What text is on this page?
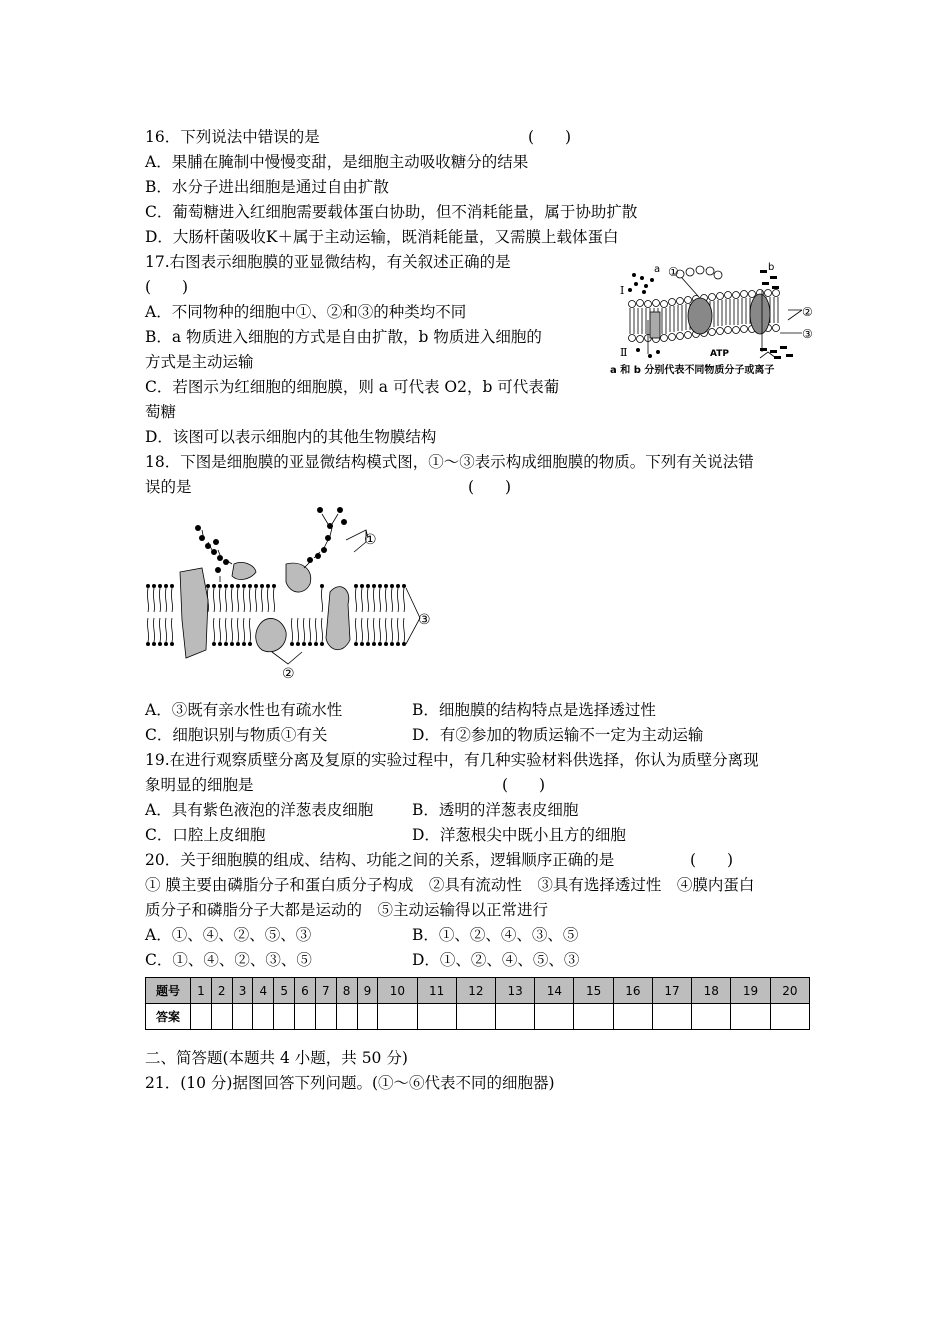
16．下列说法中错误的是	(　　)
A．果脯在腌制中慢慢变甜，是细胞主动吸收糖分的结果
B．水分子进出细胞是通过自由扩散
C．葡萄糖进入红细胞需要载体蛋白协助，但不消耗能量，属于协助扩散
D．大肠杆菌吸收K＋属于主动运输，既消耗能量，又需膜上载体蛋白
17.右图表示细胞膜的亚显微结构，有关叙述正确的是
(　　)
A．不同物种的细胞中①、②和③的种类均不同
B．a 物质进入细胞的方式是自由扩散，b 物质进入细胞的
方式是主动运输
C．若图示为红细胞的细胞膜，则 a 可代表 O2，b 可代表葡
萄糖
D．该图可以表示细胞内的其他生物膜结构
a	b
I
Ⅱ
①
②
③
ATP
a 和 b 分别代表不同物质分子或离子
18．下图是细胞膜的亚显微结构模式图，①～③表示构成细胞膜的物质。下列有关说法错
误的是	(　　)
①
③
②
A．③既有亲水性也有疏水性	B．细胞膜的结构特点是选择透过性
C．细胞识别与物质①有关	D．有②参加的物质运输不一定为主动运输
19.在进行观察质壁分离及复原的实验过程中，有几种实验材料供选择，你认为质壁分离现
象明显的细胞是	(　　)
A．具有紫色液泡的洋葱表皮细胞	B．透明的洋葱表皮细胞
C．口腔上皮细胞	D．洋葱根尖中既小且方的细胞
20．关于细胞膜的组成、结构、功能之间的关系，逻辑顺序正确的是	(　　)
① 膜主要由磷脂分子和蛋白质分子构成　②具有流动性　③具有选择透过性　④膜内蛋白
质分子和磷脂分子大都是运动的　⑤主动运输得以正常进行
A．①、④、②、⑤、③	B．①、②、④、③、⑤
C．①、④、②、③、⑤	D．①、②、④、⑤、③
题号	1	2	3	4	5	6	7	8	9	10	11	12	13	14	15	16	17	18	19	20
答案																				
二、简答题(本题共 4 小题，共 50 分)
21．(10 分)据图回答下列问题。(①～⑥代表不同的细胞器)
